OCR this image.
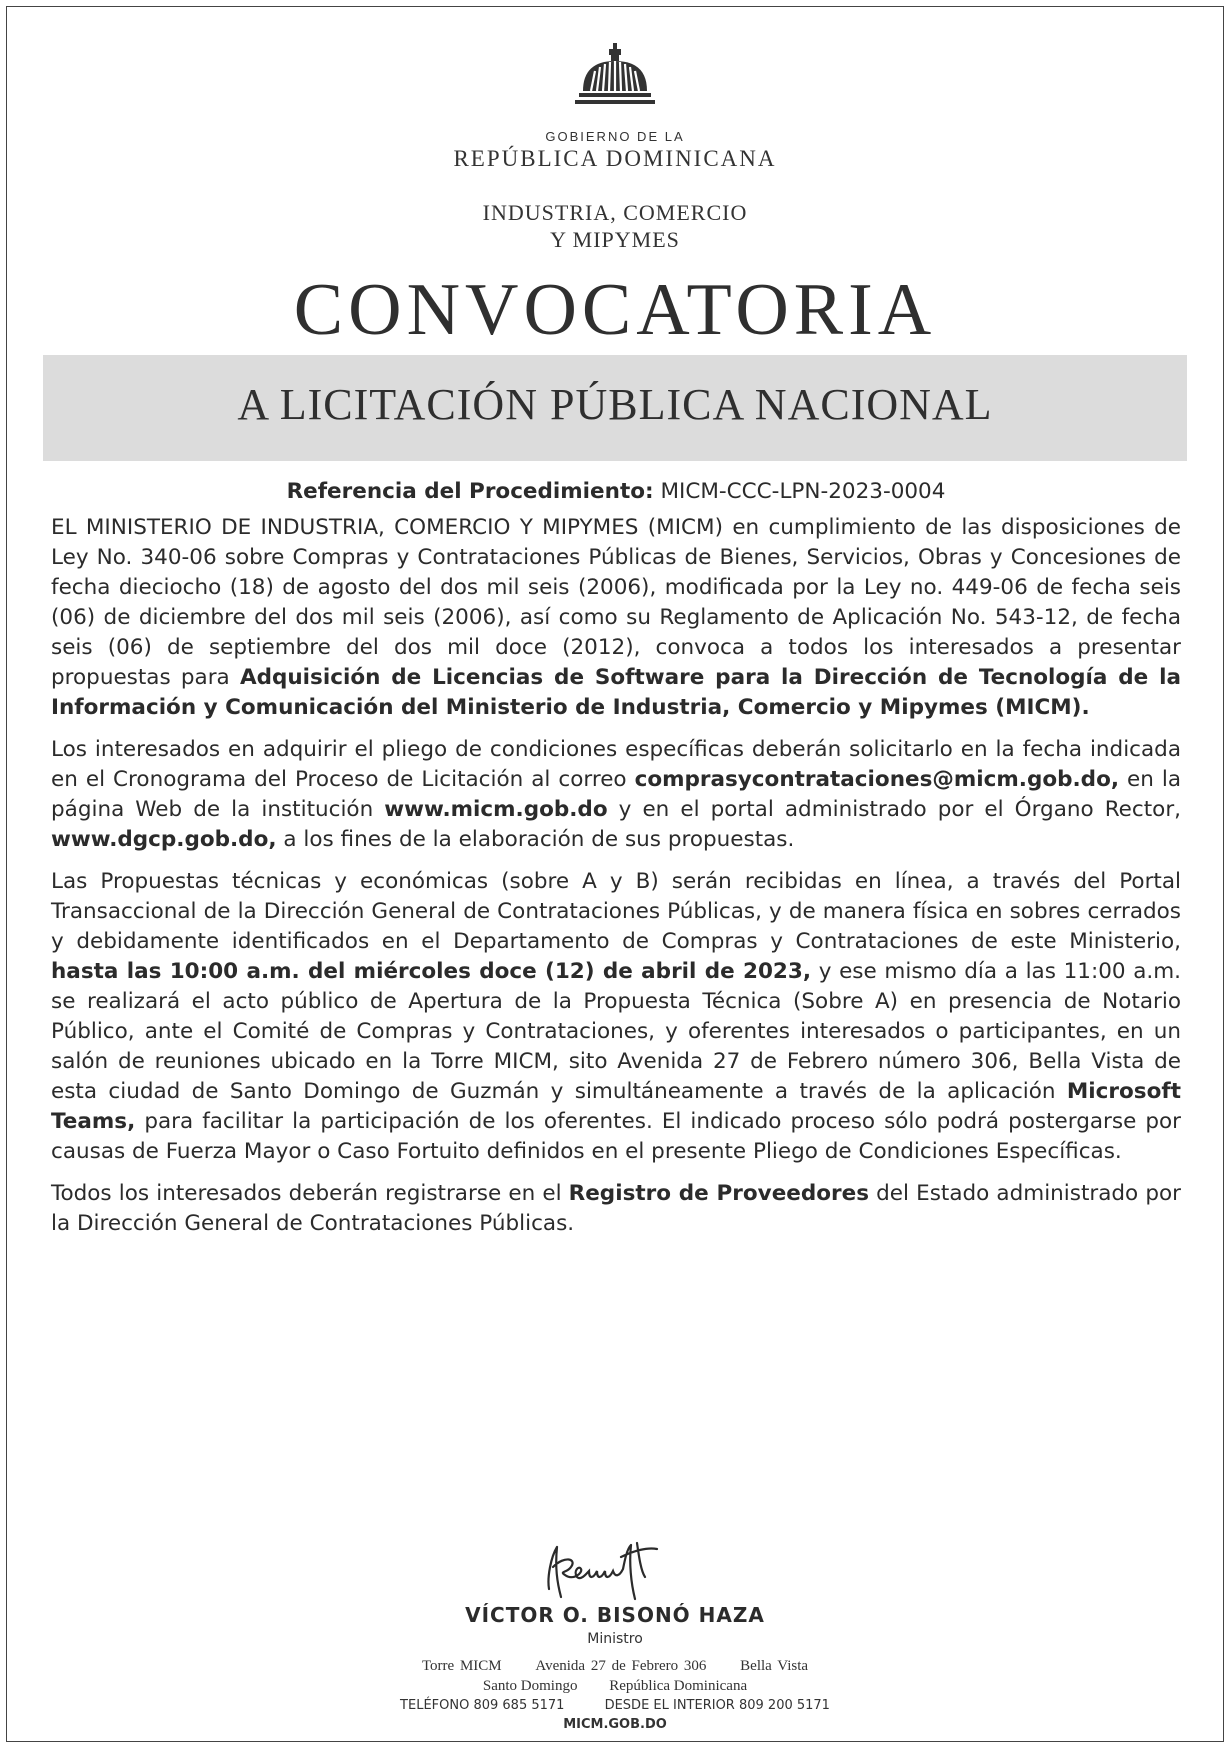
GOBIERNO DE LA
REPÚBLICA DOMINICANA
INDUSTRIA, COMERCIO
Y MIPYMES
CONVOCATORIA
A LICITACIÓN PÚBLICA NACIONAL
Referencia del Procedimiento: MICM-CCC-LPN-2023-0004

EL MINISTERIO DE INDUSTRIA, COMERCIO Y MIPYMES (MICM) en cumplimiento de las disposiciones de Ley No. 340-06 sobre Compras y Contrataciones Públicas de Bienes, Servicios, Obras y Concesiones de fecha dieciocho (18) de agosto del dos mil seis (2006), modificada por la Ley no. 449-06 de fecha seis (06) de diciembre del dos mil seis (2006), así como su Reglamento de Aplicación No. 543-12, de fecha seis (06) de septiembre del dos mil doce (2012), convoca a todos los interesados a presentar propuestas para Adquisición de Licencias de Software para la Dirección de Tecnología de la Información y Comunicación del Ministerio de Industria, Comercio y Mipymes (MICM).

Los interesados en adquirir el pliego de condiciones específicas deberán solicitarlo en la fecha indicada en el Cronograma del Proceso de Licitación al correo comprasycontrataciones@micm.gob.do, en la página Web de la institución www.micm.gob.do y en el portal administrado por el Órgano Rector, www.dgcp.gob.do, a los fines de la elaboración de sus propuestas.

Las Propuestas técnicas y económicas (sobre A y B) serán recibidas en línea, a través del Portal Transaccional de la Dirección General de Contrataciones Públicas, y de manera física en sobres cerrados y debidamente identificados en el Departamento de Compras y Contrataciones de este Ministerio, hasta las 10:00 a.m. del miércoles doce (12) de abril de 2023, y ese mismo día a las 11:00 a.m. se realizará el acto público de Apertura de la Propuesta Técnica (Sobre A) en presencia de Notario Público, ante el Comité de Compras y Contrataciones, y oferentes interesados o participantes, en un salón de reuniones ubicado en la Torre MICM, sito Avenida 27 de Febrero número 306, Bella Vista de esta ciudad de Santo Domingo de Guzmán y simultáneamente a través de la aplicación Microsoft Teams, para facilitar la participación de los oferentes. El indicado proceso sólo podrá postergarse por causas de Fuerza Mayor o Caso Fortuito definidos en el presente Pliego de Condiciones Específicas.

Todos los interesados deberán registrarse en el Registro de Proveedores del Estado administrado por la Dirección General de Contrataciones Públicas.

VÍCTOR O. BISONÓ HAZA
Ministro
Torre MICM Avenida 27 de Febrero 306 Bella Vista
Santo Domingo República Dominicana
TELÉFONO 809 685 5171	DESDE EL INTERIOR 809 200 5171
MICM.GOB.DO
